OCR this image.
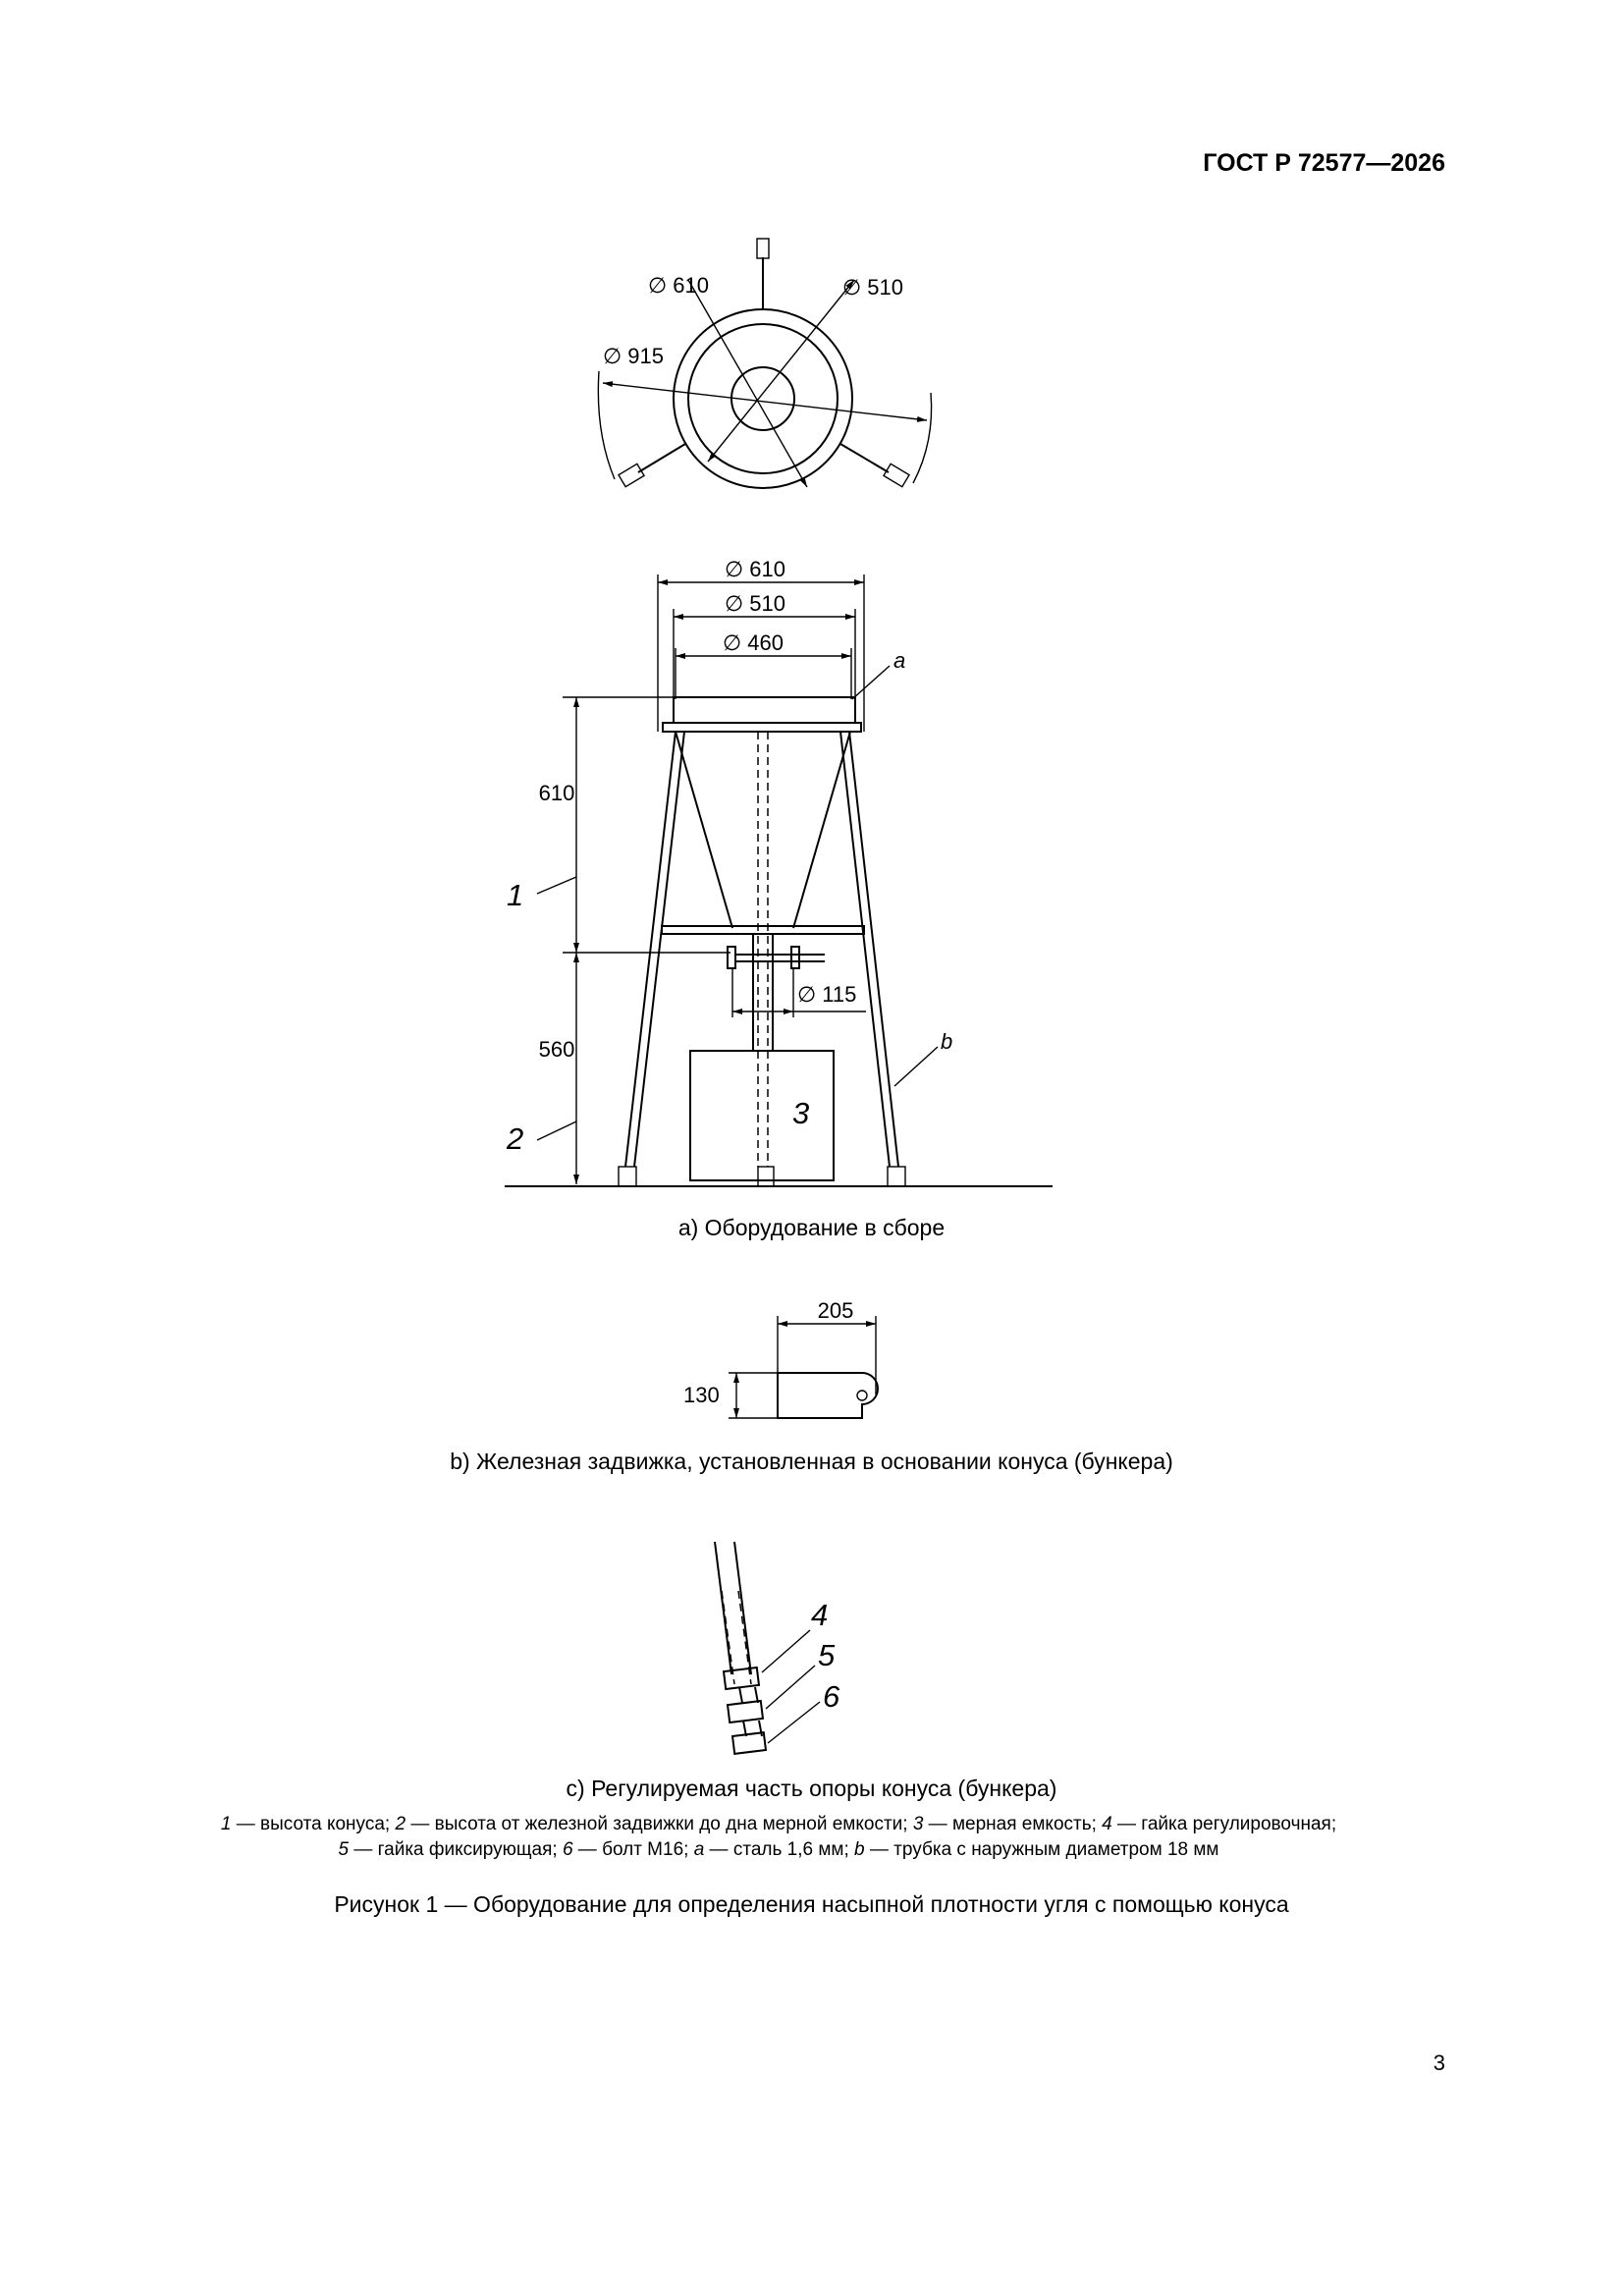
ГОСТ Р 72577—2026
∅ 610	∅ 510
∅ 915
∅ 610
∅ 510
∅ 460
∅ 115
3
610
560
1
2
a
b
205
130
4
5
6
a) Оборудование в сборе
b) Железная задвижка, установленная в основании конуса (бункера)
c) Регулируемая часть опоры конуса (бункера)
1 — высота конуса; 2 — высота от железной задвижки до дна мерной емкости; 3 — мерная емкость; 4 — гайка регулировочная;
5 — гайка фиксирующая; 6 — болт М16; a — сталь 1,6 мм; b — трубка с наружным диаметром 18 мм
Рисунок 1 — Оборудование для определения насыпной плотности угля с помощью конуса
3
